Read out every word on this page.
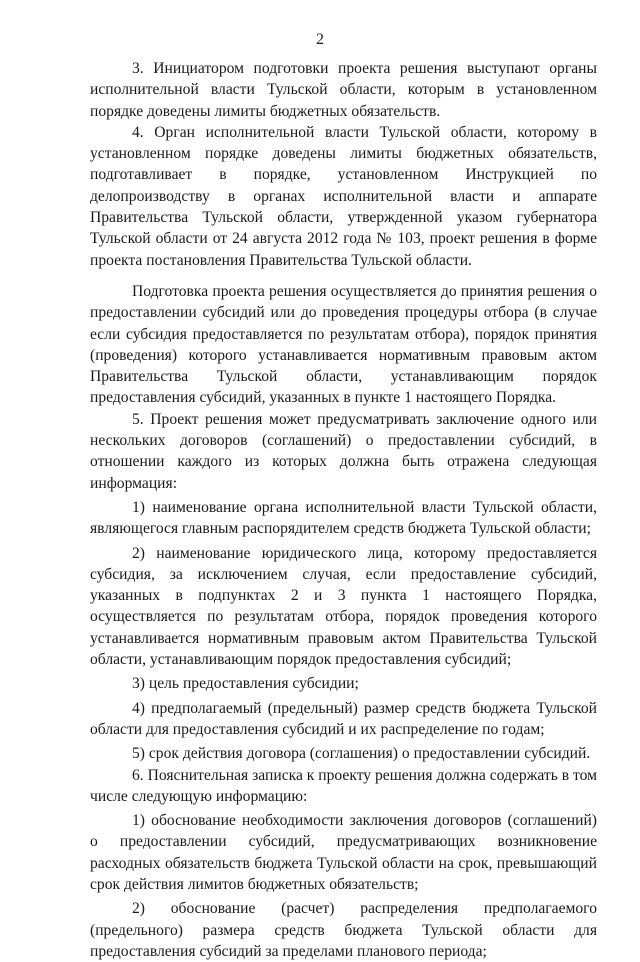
2

3. Инициатором подготовки проекта решения выступают органы исполнительной власти Тульской области, которым в установленном порядке доведены лимиты бюджетных обязательств.

4. Орган исполнительной власти Тульской области, которому в установленном порядке доведены лимиты бюджетных обязательств, подготавливает в порядке, установленном Инструкцией по делопроизводству в органах исполнительной власти и аппарате Правительства Тульской области, утвержденной указом губернатора Тульской области от 24 августа 2012 года № 103, проект решения в форме проекта постановления Правительства Тульской области.

Подготовка проекта решения осуществляется до принятия решения о предоставлении субсидий или до проведения процедуры отбора (в случае если субсидия предоставляется по результатам отбора), порядок принятия (проведения) которого устанавливается нормативным правовым актом Правительства Тульской области, устанавливающим порядок предоставления субсидий, указанных в пункте 1 настоящего Порядка.

5. Проект решения может предусматривать заключение одного или нескольких договоров (соглашений) о предоставлении субсидий, в отношении каждого из которых должна быть отражена следующая информация:

1) наименование органа исполнительной власти Тульской области, являющегося главным распорядителем средств бюджета Тульской области;

2) наименование юридического лица, которому предоставляется субсидия, за исключением случая, если предоставление субсидий, указанных в подпунктах 2 и 3 пункта 1 настоящего Порядка, осуществляется по результатам отбора, порядок проведения которого устанавливается нормативным правовым актом Правительства Тульской области, устанавливающим порядок предоставления субсидий;

3) цель предоставления субсидии;

4) предполагаемый (предельный) размер средств бюджета Тульской области для предоставления субсидий и их распределение по годам;

5) срок действия договора (соглашения) о предоставлении субсидий.

6. Пояснительная записка к проекту решения должна содержать в том числе следующую информацию:

1) обоснование необходимости заключения договоров (соглашений) о предоставлении субсидий, предусматривающих возникновение расходных обязательств бюджета Тульской области на срок, превышающий срок действия лимитов бюджетных обязательств;

2) обоснование (расчет) распределения предполагаемого (предельного) размера средств бюджета Тульской области для предоставления субсидий за пределами планового периода;
